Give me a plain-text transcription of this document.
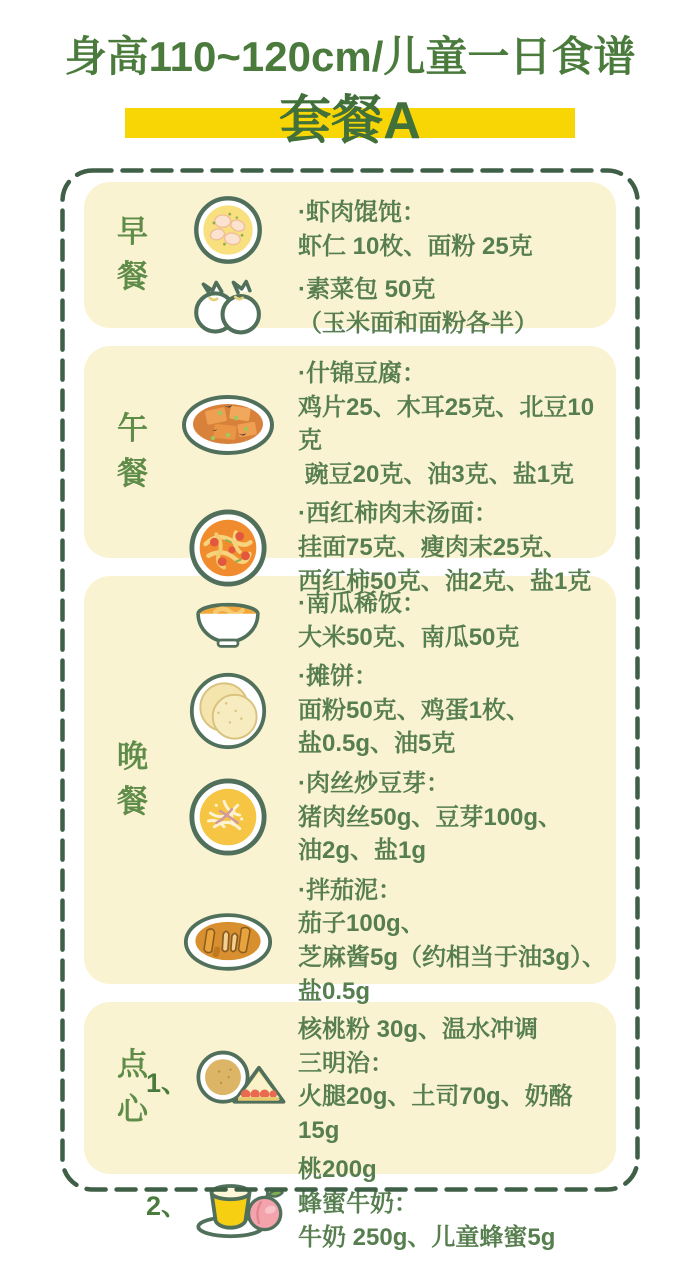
身高110~120cm/儿童一日食谱
套餐A
早餐
·虾肉馄饨：
虾仁 10枚、面粉 25克
·素菜包 50克
（玉米面和面粉各半）
午餐
·什锦豆腐：
鸡片25、木耳25克、北豆10克
豌豆20克、油3克、盐1克
·西红柿肉末汤面：
挂面75克、瘦肉末25克、
西红柿50克、油2克、盐1克
晚餐
·南瓜稀饭：
大米50克、南瓜50克
·摊饼：
面粉50克、鸡蛋1枚、
盐0.5g、油5克
·肉丝炒豆芽：
猪肉丝50g、豆芽100g、
油2g、盐1g
·拌茄泥：
茄子100g、
芝麻酱5g（约相当于油3g）、
盐0.5g
点心
1、
核桃粉 30g、温水冲调
三明治：
火腿20g、土司70g、奶酪15g
2、
桃200g
蜂蜜牛奶：
牛奶 250g、儿童蜂蜜5g
